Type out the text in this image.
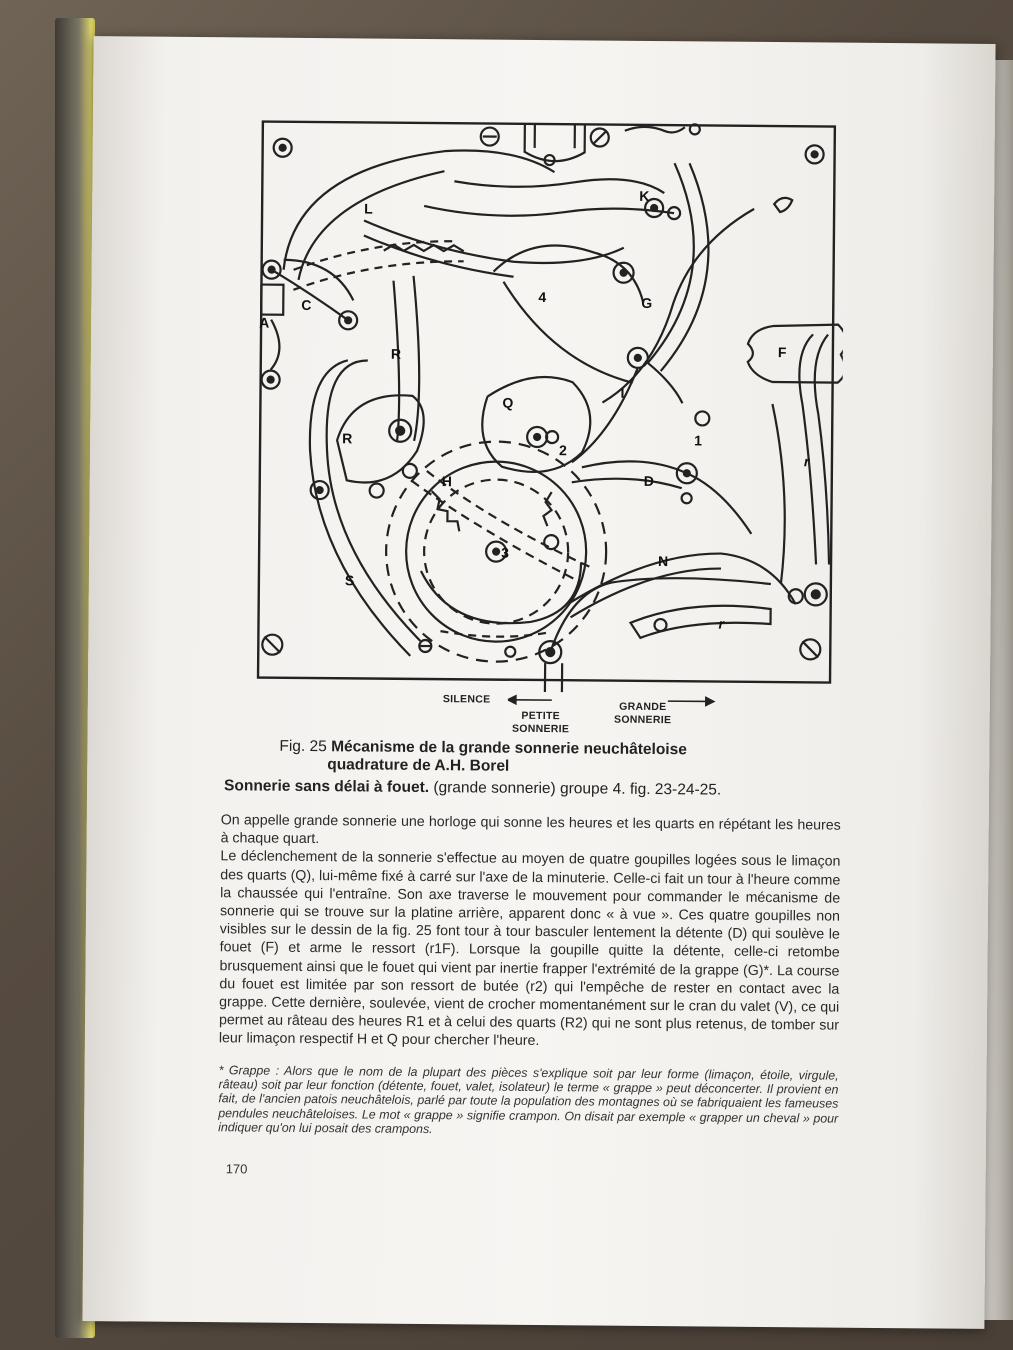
K
G
4
L
C
A
R
R
Q
H
I
F
D
N
S
1
2
3
r
r
SILENCE
PETITE
SONNERIE
GRANDE
SONNERIE
Fig. 25 Mécanisme de la grande sonnerie neuchâteloise
quadrature de A.H. Borel
Sonnerie sans délai à fouet. (grande sonnerie) groupe 4. fig. 23-24-25.

On appelle grande sonnerie une horloge qui sonne les heures et les quarts en répétant les heures à chaque quart.

Le déclenchement de la sonnerie s'effectue au moyen de quatre goupilles logées sous le limaçon des quarts (Q), lui-même fixé à carré sur l'axe de la minuterie. Celle-ci fait un tour à l'heure comme la chaussée qui l'entraîne. Son axe traverse le mouvement pour commander le mécanisme de sonnerie qui se trouve sur la platine arrière, apparent donc « à vue ». Ces quatre goupilles non visibles sur le dessin de la fig. 25 font tour à tour basculer lentement la détente (D) qui soulève le fouet (F) et arme le ressort (r1F). Lorsque la goupille quitte la détente, celle-ci retombe brusquement ainsi que le fouet qui vient par inertie frapper l'extrémité de la grappe (G)*. La course du fouet est limitée par son ressort de butée (r2) qui l'empêche de rester en contact avec la grappe. Cette dernière, soulevée, vient de crocher momentanément sur le cran du valet (V), ce qui permet au râteau des heures R1 et à celui des quarts (R2) qui ne sont plus retenus, de tomber sur leur limaçon respectif H et Q pour chercher l'heure.

* Grappe : Alors que le nom de la plupart des pièces s'explique soit par leur forme (limaçon, étoile, virgule, râteau) soit par leur fonction (détente, fouet, valet, isolateur) le terme « grappe » peut déconcerter. Il provient en fait, de l'ancien patois neuchâtelois, parlé par toute la population des montagnes où se fabriquaient les fameuses pendules neuchâteloises. Le mot « grappe » signifie crampon. On disait par exemple « grapper un cheval » pour indiquer qu'on lui posait des crampons.
170
